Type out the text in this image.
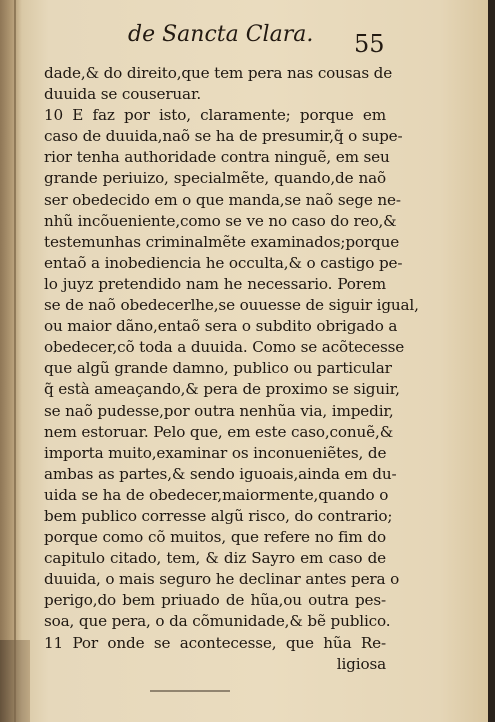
de Sancta Clara. 55
dade,& do direito,que tem pera nas cousas de
duuida se couseruar.
10 E faz por isto, claramente; porque em
caso de duuida,naõ se ha de presumir,q̃ o supe-
rior tenha authoridade contra ninguẽ, em seu
grande periuizo, specialmẽte, quando,de naõ
ser obedecido em o que manda,se naõ sege ne-
nhũ incõueniente,como se ve no caso do reo,&
testemunhas criminalmẽte examinados;porque
entaõ a inobediencia he occulta,& o castigo pe-
lo juyz pretendido nam he necessario. Porem
se de naõ obedecerlhe,se ouuesse de siguir igual,
ou maior dãno,entaõ sera o subdito obrigado a
obedecer,cõ toda a duuida. Como se acõtecesse
que algũ grande damno, publico ou particular
q̃ està ameaçando,& pera de proximo se siguir,
se naõ pudesse,por outra nenhũa via, impedir,
nem estoruar. Pelo que, em este caso,conuẽ,&
importa muito,examinar os inconueniẽtes, de
ambas as partes,& sendo iguoais,ainda em du-
uida se ha de obedecer,maiormente,quando o
bem publico corresse algũ risco, do contrario;
porque como cõ muitos, que refere no fim do
capitulo citado, tem, & diz Sayro em caso de
duuida, o mais seguro he declinar antes pera o
perigo,do bem priuado de hũa,ou outra pes-
soa, que pera, o da cõmunidade,& bẽ publico.
11 Por onde se acontecesse, que hũa Re-
ligiosa
